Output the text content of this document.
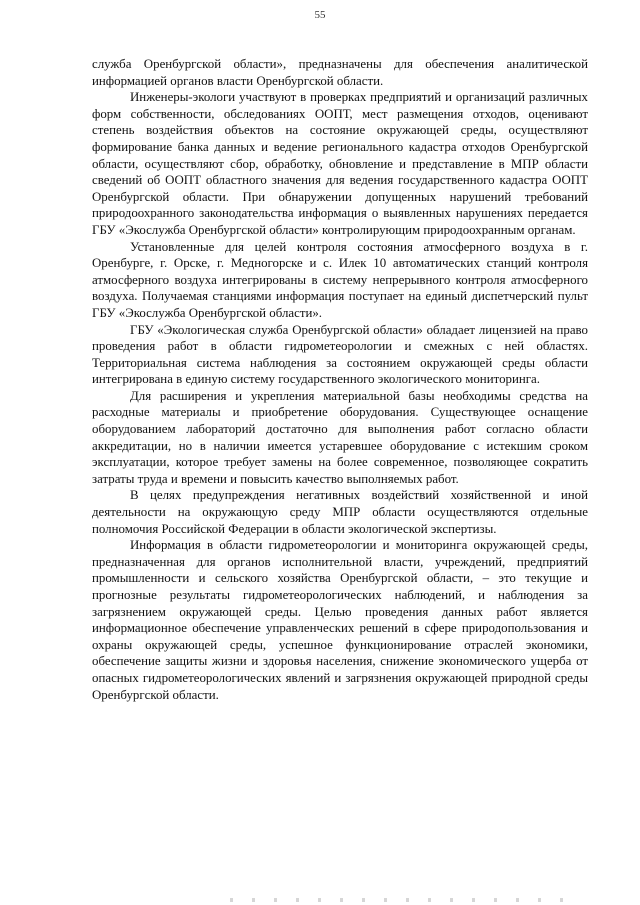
55

служба Оренбургской области», предназначены для обеспечения аналитической информацией органов власти Оренбургской области.

Инженеры-экологи участвуют в проверках предприятий и организаций различных форм собственности, обследованиях ООПТ, мест размещения отходов, оценивают степень воздействия объектов на состояние окружающей среды, осуществляют формирование банка данных и ведение регионального кадастра отходов Оренбургской области, осуществляют сбор, обработку, обновление и представление в МПР области сведений об ООПТ областного значения для ведения государственного кадастра ООПТ Оренбургской области. При обнаружении допущенных нарушений требований природоохранного законодательства информация о выявленных нарушениях передается ГБУ «Экослужба Оренбургской области» контролирующим природоохранным органам.

Установленные для целей контроля состояния атмосферного воздуха в г. Оренбурге, г. Орске, г. Медногорске и с. Илек 10 автоматических станций контроля атмосферного воздуха интегрированы в систему непрерывного контроля атмосферного воздуха. Получаемая станциями информация поступает на единый диспетчерский пульт ГБУ «Экослужба Оренбургской области».

ГБУ «Экологическая служба Оренбургской области» обладает лицензией на право проведения работ в области гидрометеорологии и смежных с ней областях. Территориальная система наблюдения за состоянием окружающей среды области интегрирована в единую систему государственного экологического мониторинга.

Для расширения и укрепления материальной базы необходимы средства на расходные материалы и приобретение оборудования. Существующее оснащение оборудованием лабораторий достаточно для выполнения работ согласно области аккредитации, но в наличии имеется устаревшее оборудование с истекшим сроком эксплуатации, которое требует замены на более современное, позволяющее сократить затраты труда и времени и повысить качество выполняемых работ.

В целях предупреждения негативных воздействий хозяйственной и иной деятельности на окружающую среду МПР области осуществляются отдельные полномочия Российской Федерации в области экологической экспертизы.

Информация в области гидрометеорологии и мониторинга окружающей среды, предназначенная для органов исполнительной власти, учреждений, предприятий промышленности и сельского хозяйства Оренбургской области, – это текущие и прогнозные результаты гидрометеорологических наблюдений, и наблюдения за загрязнением окружающей среды. Целью проведения данных работ является информационное обеспечение управленческих решений в сфере природопользования и охраны окружающей среды, успешное функционирование отраслей экономики, обеспечение защиты жизни и здоровья населения, снижение экономического ущерба от опасных гидрометеорологических явлений и загрязнения окружающей природной среды Оренбургской области.
